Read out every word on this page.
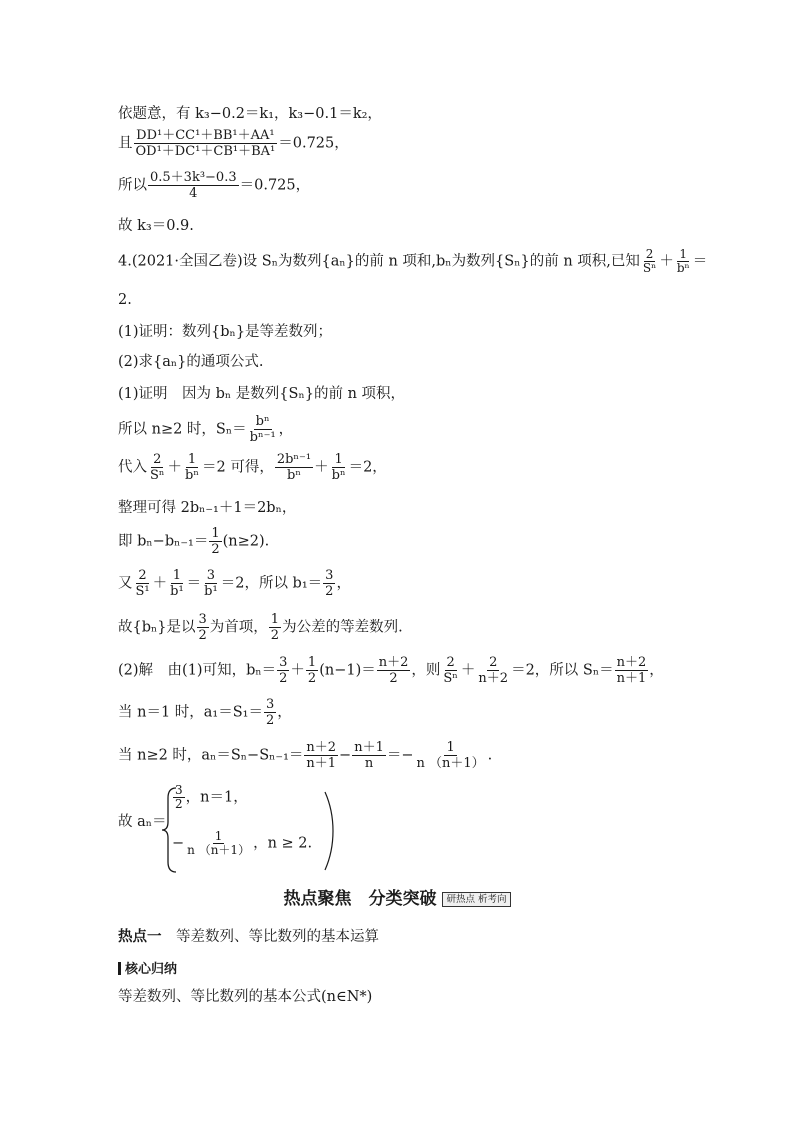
依题意，有 k₃−0.2＝k₁，k₃−0.1＝k₂，
且 $\frac{\text{DD¹＋CC¹＋BB¹＋AA¹}}{\text{OD¹＋DC¹＋CB¹＋BA¹}} =0.725$，
所以 $\frac{\text{0.5＋3k³−0.3}}{4} =0.725$，
故 k₃＝0.9.
4.(2021·全国乙卷)设 Sₙ为数列{aₙ}的前 n 项和,bₙ为数列{Sₙ}的前 n 项积,已知 $\frac{2}{\text{Sⁿ}} + \frac{1}{\text{bⁿ}}$ ＝
2.
(1)证明：数列{bₙ}是等差数列；
(2)求{aₙ}的通项公式.
(1)证明　因为 bₙ 是数列{Sₙ}的前 n 项积，
所以 n≥2 时，$S_n= \frac{\text{bⁿ}}{\text{bⁿ⁻¹}}$ ，
代入 $\frac{2}{\text{Sⁿ}} + \frac{1}{\text{bⁿ}} =2$ 可得， $\frac{\text{2bⁿ⁻¹}}{\text{bⁿ}} + \frac{1}{\text{bⁿ}} =2$，
整理可得 2bₙ₋₁＋1＝2bₙ，
即 $b_n-b_{n-1}= \frac{1}{2} (n\ge 2)$.
又 $\frac{2}{\text{S¹}} + \frac{1}{\text{b¹}} = \frac{3}{\text{b¹}} =2$，所以 $b_1= \frac{3}{2}$ ，
故{bₙ}是以 $\frac{3}{2}$ 为首项， $\frac{1}{2}$ 为公差的等差数列.
(2)解　由(1)可知，$b_n= \frac{3}{2} + \frac{1}{2} (n-1)= \frac{n+2}{2}$ ，则 $\frac{2}{\text{Sⁿ}} + \frac{2}{n+2} =2$，所以 $S_n= \frac{n+2}{n+1}$ ，
当 n＝1 时，$a_1=S_1= \frac{3}{2}$ ，
当 n≥2 时，$a_n=S_n-S_{n-1}= \frac{n+2}{n+1} - \frac{n+1}{n} =- \frac{1}{n (n+1)}$ .
故 aₙ＝
$\frac{3}{2}$ ，n＝1，
− $\frac{1}{n (n+1)}$ ，n ≥ 2.
热点聚焦　分类突破 研热点 析考向
热点一　等差数列、等比数列的基本运算
核心归纳
等差数列、等比数列的基本公式(n∈N*)
